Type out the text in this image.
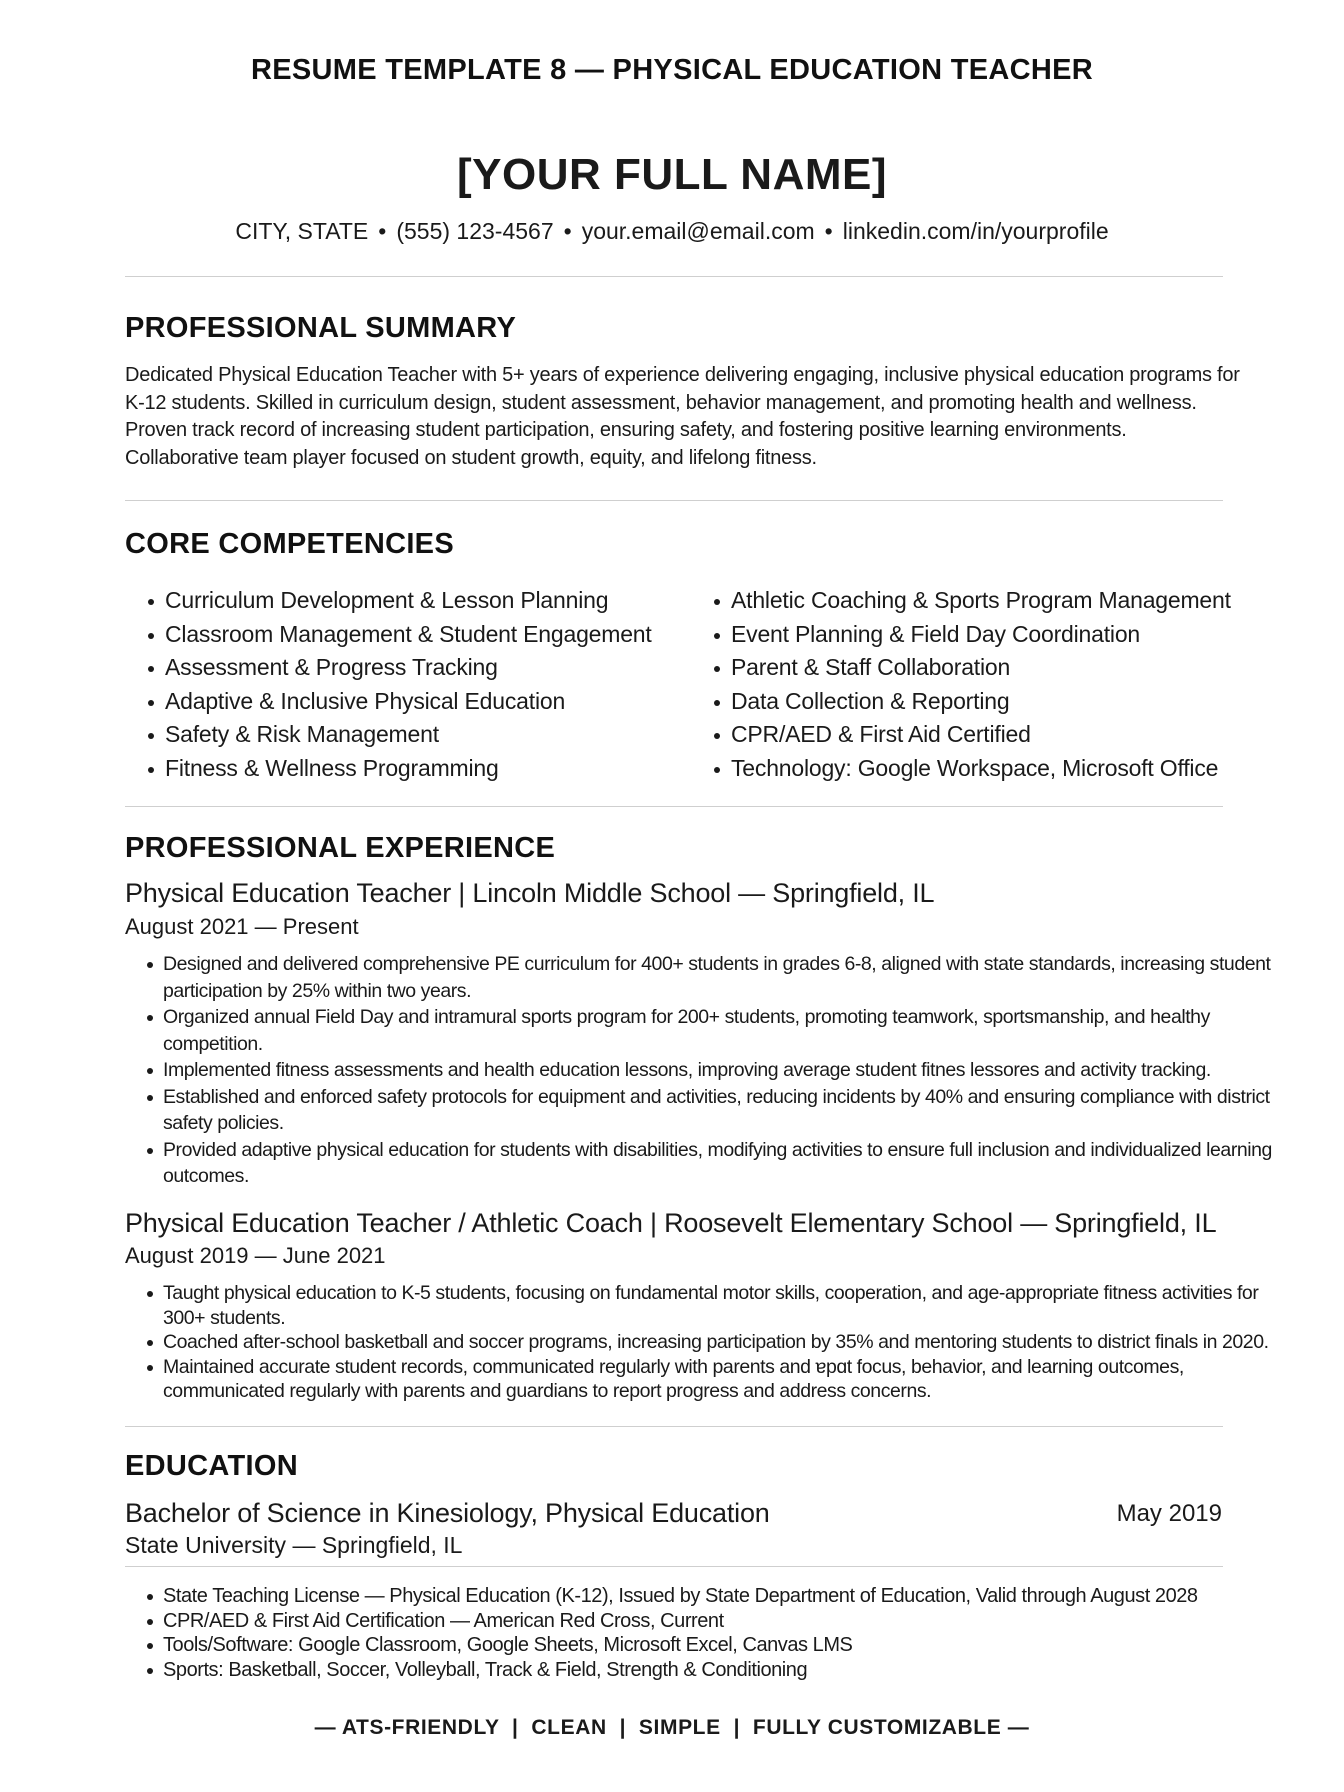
RESUME TEMPLATE 8 — PHYSICAL EDUCATION TEACHER
[YOUR FULL NAME]
CITY, STATE • (555) 123-4567 • your.email@email.com • linkedin.com/in/yourprofile
PROFESSIONAL SUMMARY
Dedicated Physical Education Teacher with 5+ years of experience delivering engaging, inclusive physical education programs for K-12 students. Skilled in curriculum design, student assessment, behavior management, and promoting health and wellness. Proven track record of increasing student participation, ensuring safety, and fostering positive learning environments. Collaborative team player focused on student growth, equity, and lifelong fitness.
CORE COMPETENCIES
Curriculum Development & Lesson Planning
Classroom Management & Student Engagement
Assessment & Progress Tracking
Adaptive & Inclusive Physical Education
Safety & Risk Management
Fitness & Wellness Programming
Athletic Coaching & Sports Program Management
Event Planning & Field Day Coordination
Parent & Staff Collaboration
Data Collection & Reporting
CPR/AED & First Aid Certified
Technology: Google Workspace, Microsoft Office
PROFESSIONAL EXPERIENCE
Physical Education Teacher | Lincoln Middle School — Springfield, IL
August 2021 — Present
Designed and delivered comprehensive PE curriculum for 400+ students in grades 6-8, aligned with state standards, increasing student participation by 25% within two years.
Organized annual Field Day and intramural sports program for 200+ students, promoting teamwork, sportsmanship, and healthy competition.
Implemented fitness assessments and health education lessons, improving average student fitnes lessores and activity tracking.
Established and enforced safety protocols for equipment and activities, reducing incidents by 40% and ensuring compliance with district safety policies.
Provided adaptive physical education for students with disabilities, modifying activities to ensure full inclusion and individualized learning outcomes.
Physical Education Teacher / Athletic Coach | Roosevelt Elementary School — Springfield, IL
August 2019 — June 2021
Taught physical education to K-5 students, focusing on fundamental motor skills, cooperation, and age-appropriate fitness activities for 300+ students.
Coached after-school basketball and soccer programs, increasing participation by 35% and mentoring students to district finals in 2020.
Maintained accurate student records, communicated regularly with parents and ɐpɑt focus, behavior, and learning outcomes, communicated regularly with parents and guardians to report progress and address concerns.
EDUCATION
Bachelor of Science in Kinesiology, Physical Education	May 2019
State University — Springfield, IL
State Teaching License — Physical Education (K-12), Issued by State Department of Education, Valid through August 2028
CPR/AED & First Aid Certification — American Red Cross, Current
Tools/Software: Google Classroom, Google Sheets, Microsoft Excel, Canvas LMS
Sports: Basketball, Soccer, Volleyball, Track & Field, Strength & Conditioning
— ATS-FRIENDLY  |  CLEAN  |  SIMPLE  |  FULLY CUSTOMIZABLE —
